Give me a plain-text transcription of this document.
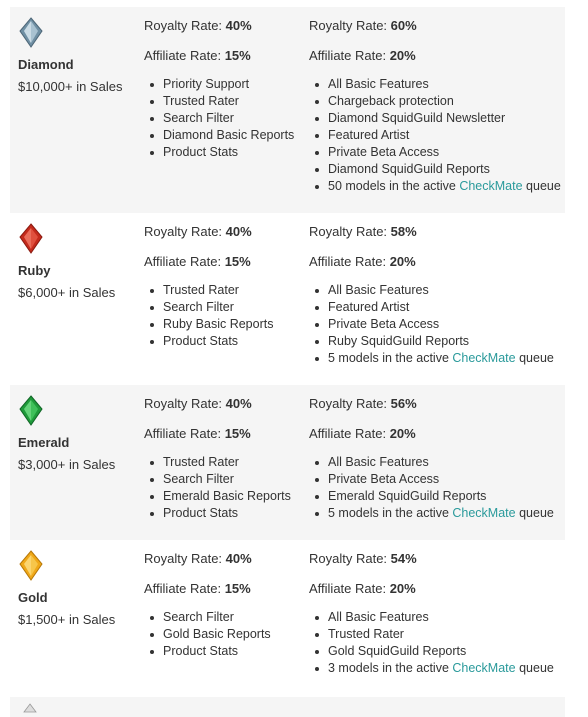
Diamond
$10,000+ in Sales
Royalty Rate: 40%
Affiliate Rate: 15%
Priority Support
Trusted Rater
Search Filter
Diamond Basic Reports
Product Stats
Royalty Rate: 60%
Affiliate Rate: 20%
All Basic Features
Chargeback protection
Diamond SquidGuild Newsletter
Featured Artist
Private Beta Access
Diamond SquidGuild Reports
50 models in the active CheckMate queue
Ruby
$6,000+ in Sales
Royalty Rate: 40%
Affiliate Rate: 15%
Trusted Rater
Search Filter
Ruby Basic Reports
Product Stats
Royalty Rate: 58%
Affiliate Rate: 20%
All Basic Features
Featured Artist
Private Beta Access
Ruby SquidGuild Reports
5 models in the active CheckMate queue
Emerald
$3,000+ in Sales
Royalty Rate: 40%
Affiliate Rate: 15%
Trusted Rater
Search Filter
Emerald Basic Reports
Product Stats
Royalty Rate: 56%
Affiliate Rate: 20%
All Basic Features
Private Beta Access
Emerald SquidGuild Reports
5 models in the active CheckMate queue
Gold
$1,500+ in Sales
Royalty Rate: 40%
Affiliate Rate: 15%
Search Filter
Gold Basic Reports
Product Stats
Royalty Rate: 54%
Affiliate Rate: 20%
All Basic Features
Trusted Rater
Gold SquidGuild Reports
3 models in the active CheckMate queue
